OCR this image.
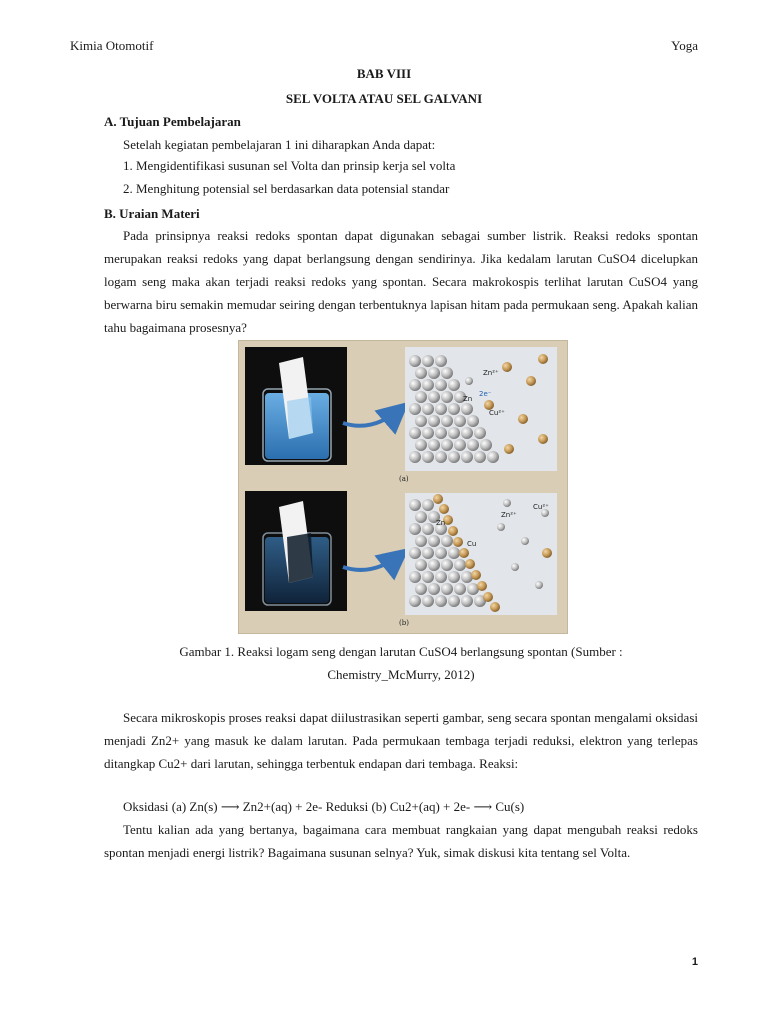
Kimia Otomotif	Yoga
BAB VIII
SEL VOLTA ATAU SEL GALVANI
A. Tujuan Pembelajaran
Setelah kegiatan pembelajaran 1 ini diharapkan Anda dapat:
1. Mengidentifikasi susunan sel Volta dan prinsip kerja sel volta
2. Menghitung potensial sel berdasarkan data potensial standar
B. Uraian Materi
Pada prinsipnya reaksi redoks spontan dapat digunakan sebagai sumber listrik. Reaksi redoks spontan merupakan reaksi redoks yang dapat berlangsung dengan sendirinya. Jika kedalam larutan CuSO4 dicelupkan logam seng maka akan terjadi reaksi redoks yang spontan. Secara makrokospis terlihat larutan CuSO4 yang berwarna biru semakin memudar seiring dengan terbentuknya lapisan hitam pada permukaan seng. Apakah kalian tahu bagaimana prosesnya?
Zn²⁺
Zn
2e⁻
Cu²⁺
(a)
Zn
Zn²⁺
Cu²⁺
Cu
(b)
Gambar 1. Reaksi logam seng dengan larutan CuSO4 berlangsung spontan (Sumber :
Chemistry_McMurry, 2012)
Secara mikroskopis proses reaksi dapat diilustrasikan seperti gambar, seng secara spontan mengalami oksidasi menjadi Zn2+ yang masuk ke dalam larutan. Pada permukaan tembaga terjadi reduksi, elektron yang terlepas ditangkap Cu2+ dari larutan, sehingga terbentuk endapan dari tembaga. Reaksi:
Oksidasi (a) Zn(s) ⟶ Zn2+(aq) + 2e- Reduksi (b) Cu2+(aq) + 2e- ⟶ Cu(s)
Tentu kalian ada yang bertanya, bagaimana cara membuat rangkaian yang dapat mengubah reaksi redoks spontan menjadi energi listrik? Bagaimana susunan selnya? Yuk, simak diskusi kita tentang sel Volta.
1
